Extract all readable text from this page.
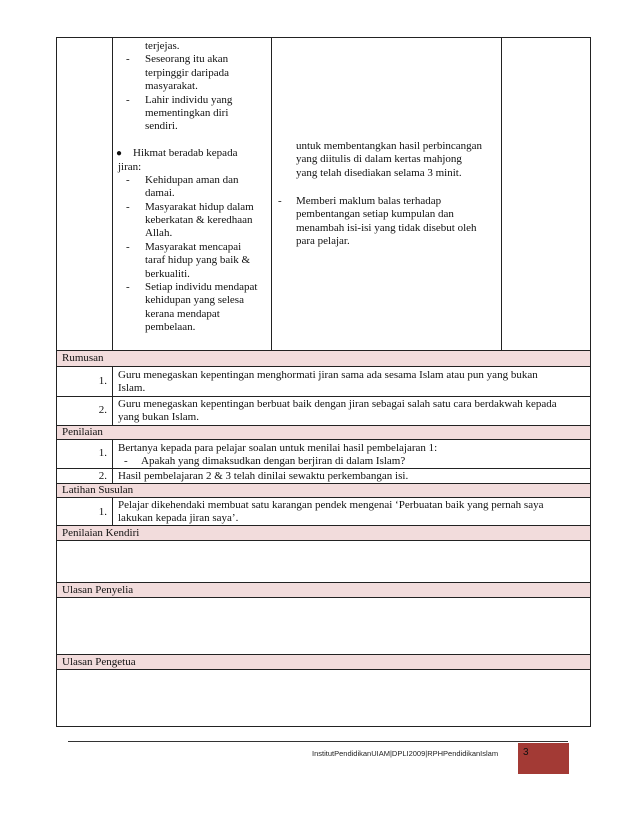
terjejas.
- Seseorang itu akan
terpinggir daripada
masyarakat.
- Lahir individu yang
mementingkan diri
sendiri.
● Hikmat beradab kepada
jiran:
- Kehidupan aman dan
damai.
- Masyarakat hidup dalam
keberkatan & keredhaan
Allah.
- Masyarakat mencapai
taraf hidup yang baik &
berkualiti.
- Setiap individu mendapat
kehidupan yang selesa
kerana mendapat
pembelaan.
untuk membentangkan hasil perbincangan
yang diitulis di dalam kertas mahjong
yang telah disediakan selama 3 minit.
- Memberi maklum balas terhadap
pembentangan setiap kumpulan dan
menambah isi-isi yang tidak disebut oleh
para pelajar.
Rumusan
1. Guru menegaskan kepentingan menghormati jiran sama ada sesama Islam atau pun yang bukan
Islam.
2. Guru menegaskan kepentingan berbuat baik dengan jiran sebagai salah satu cara berdakwah kepada
yang bukan Islam.
Penilaian
1. Bertanya kepada para pelajar soalan untuk menilai hasil pembelajaran 1:
- Apakah yang dimaksudkan dengan berjiran di dalam Islam?
2. Hasil pembelajaran 2 & 3 telah dinilai sewaktu perkembangan isi.
Latihan Susulan
1.
Pelajar dikehendaki membuat satu karangan pendek mengenai ‘Perbuatan baik yang pernah saya
lakukan kepada jiran saya’.
Penilaian Kendiri
Ulasan Penyelia
Ulasan Pengetua
InstitutPendidikanUIAM|DPLI2009|RPHPendidikanIslam 3
